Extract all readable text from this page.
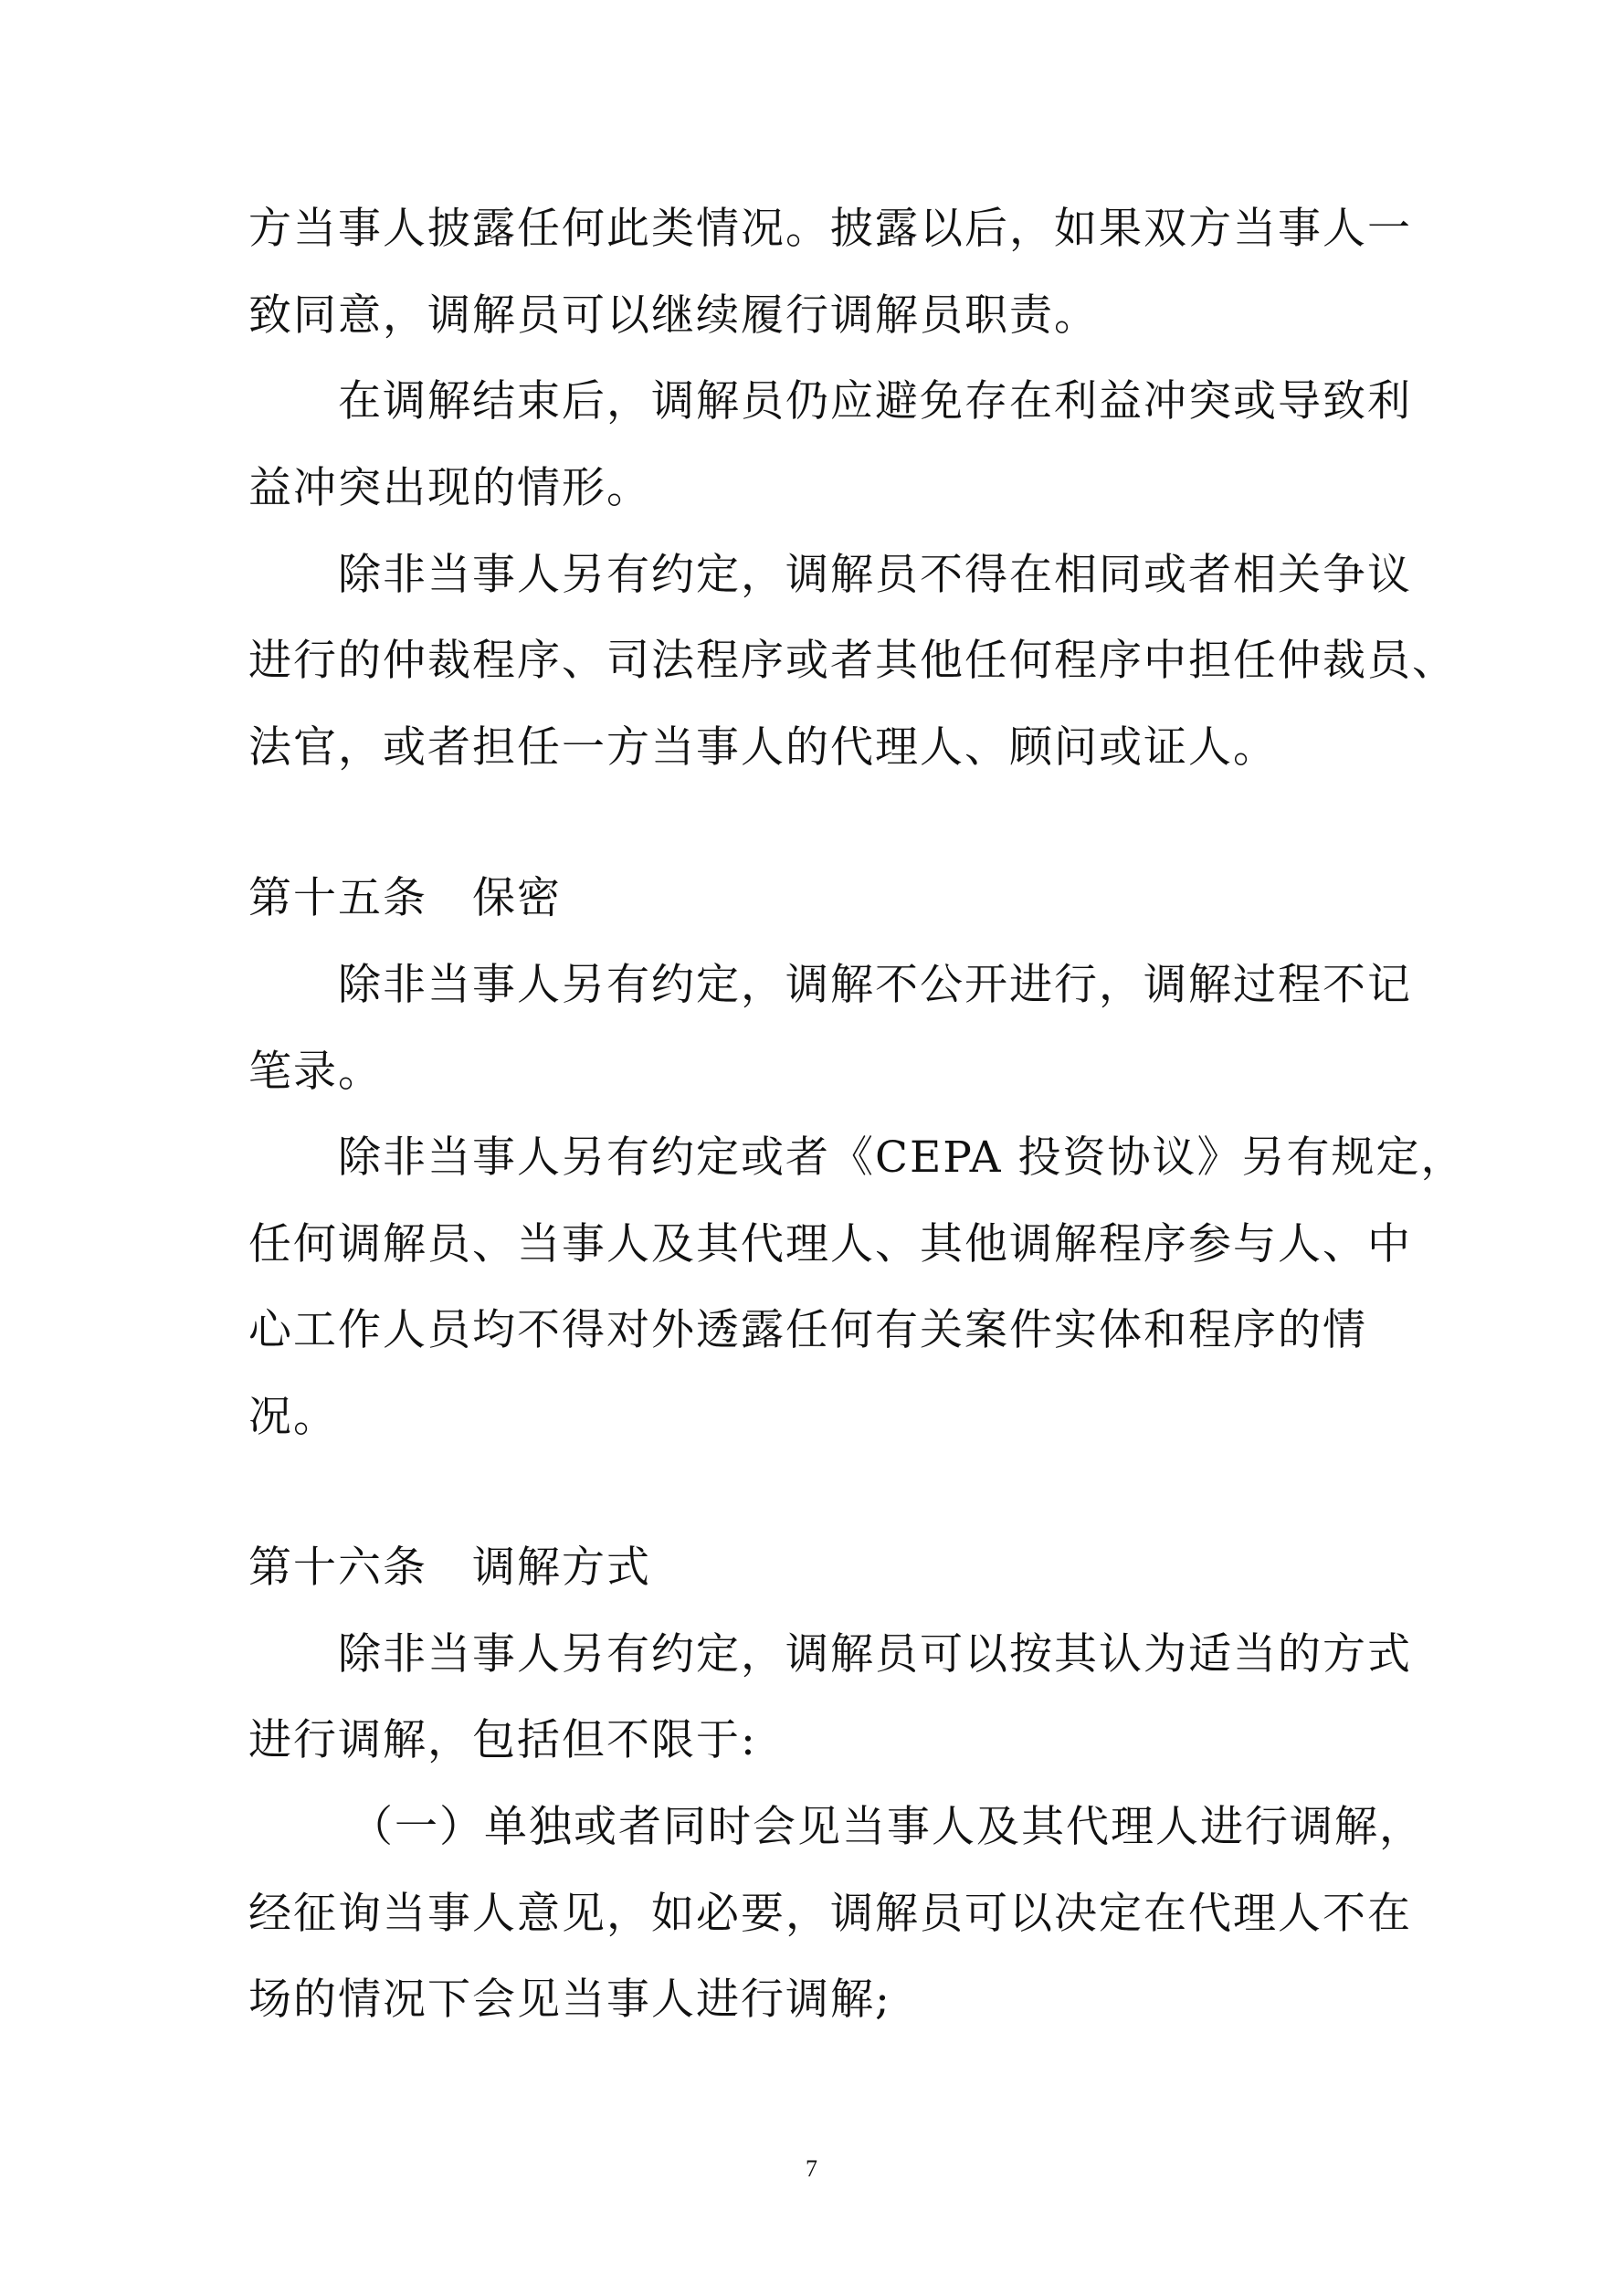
方当事人披露任何此类情况。披露以后，如果双方当事人一
致同意，调解员可以继续履行调解员职责。
在调解结束后，调解员仍应避免存在利益冲突或导致利
益冲突出现的情形。
除非当事人另有约定，调解员不得在相同或者相关争议
进行的仲裁程序、司法程序或者其他任何程序中担任仲裁员、
法官，或者担任一方当事人的代理人、顾问或证人。
第十五条　保密
除非当事人另有约定，调解不公开进行，调解过程不记
笔录。
除非当事人另有约定或者《CEPA 投资协议》另有规定，
任何调解员、当事人及其代理人、其他调解程序参与人、中
心工作人员均不得对外透露任何有关案件实体和程序的情
况。
第十六条　调解方式
除非当事人另有约定，调解员可以按其认为适当的方式
进行调解，包括但不限于:
（一）单独或者同时会见当事人及其代理人进行调解，
经征询当事人意见，如必要，调解员可以决定在代理人不在
场的情况下会见当事人进行调解;
7
